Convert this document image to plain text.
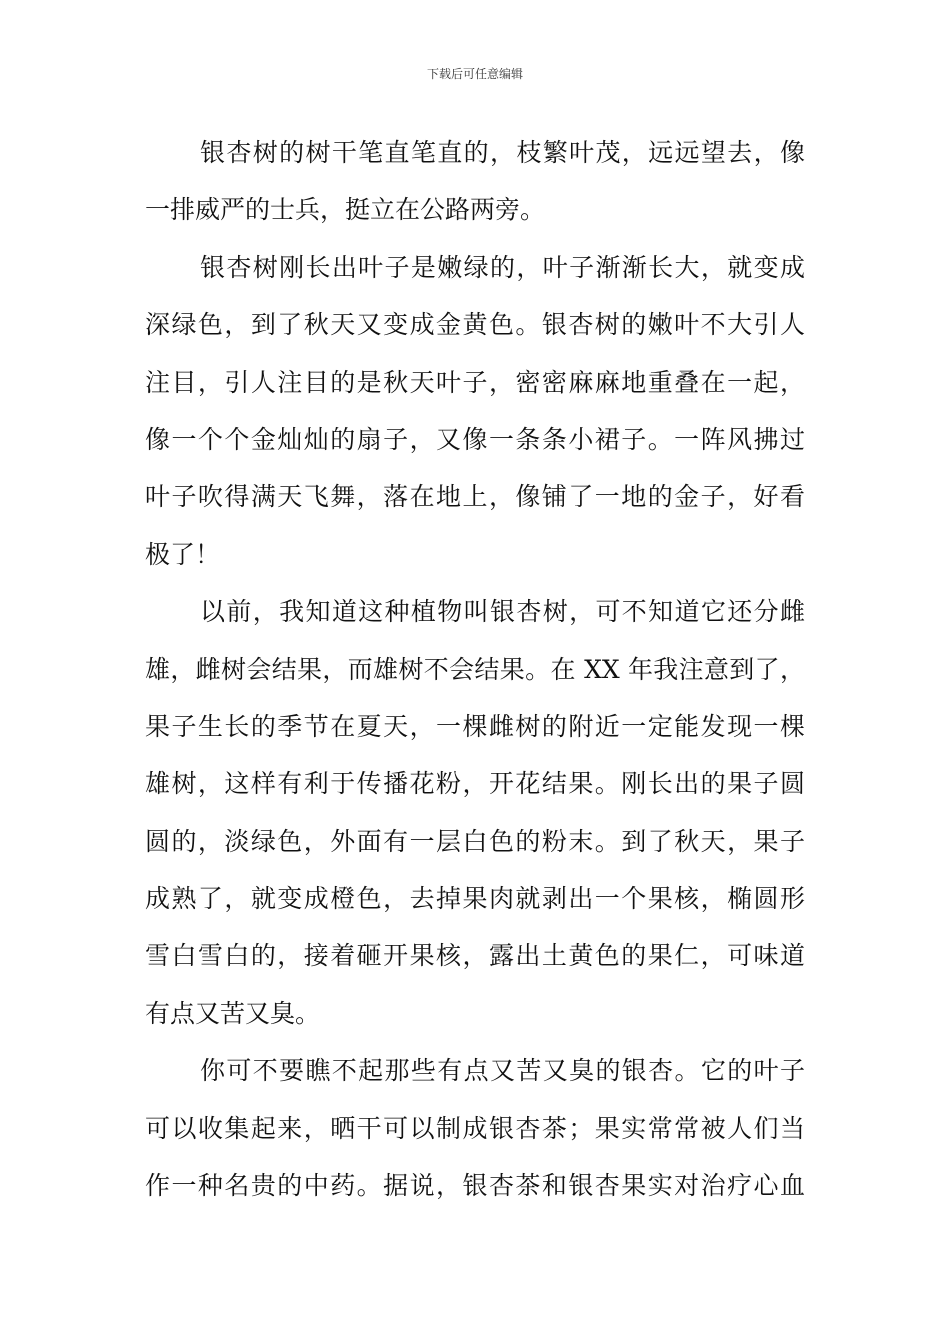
下载后可任意编辑
银杏树的树干笔直笔直的，枝繁叶茂，远远望去，像
一排威严的士兵，挺立在公路两旁。
银杏树刚长出叶子是嫩绿的，叶子渐渐长大，就变成
深绿色，到了秋天又变成金黄色。银杏树的嫩叶不大引人
注目，引人注目的是秋天叶子，密密麻麻地重叠在一起，
像一个个金灿灿的扇子，又像一条条小裙子。一阵风拂过
叶子吹得满天飞舞，落在地上，像铺了一地的金子，好看
极了！
以前，我知道这种植物叫银杏树，可不知道它还分雌
雄，雌树会结果，而雄树不会结果。在 XX 年我注意到了，
果子生长的季节在夏天，一棵雌树的附近一定能发现一棵
雄树，这样有利于传播花粉，开花结果。刚长出的果子圆
圆的，淡绿色，外面有一层白色的粉末。到了秋天，果子
成熟了，就变成橙色，去掉果肉就剥出一个果核，椭圆形
雪白雪白的，接着砸开果核，露出土黄色的果仁，可味道
有点又苦又臭。
你可不要瞧不起那些有点又苦又臭的银杏。它的叶子
可以收集起来，晒干可以制成银杏茶；果实常常被人们当
作一种名贵的中药。据说，银杏茶和银杏果实对治疗心血
